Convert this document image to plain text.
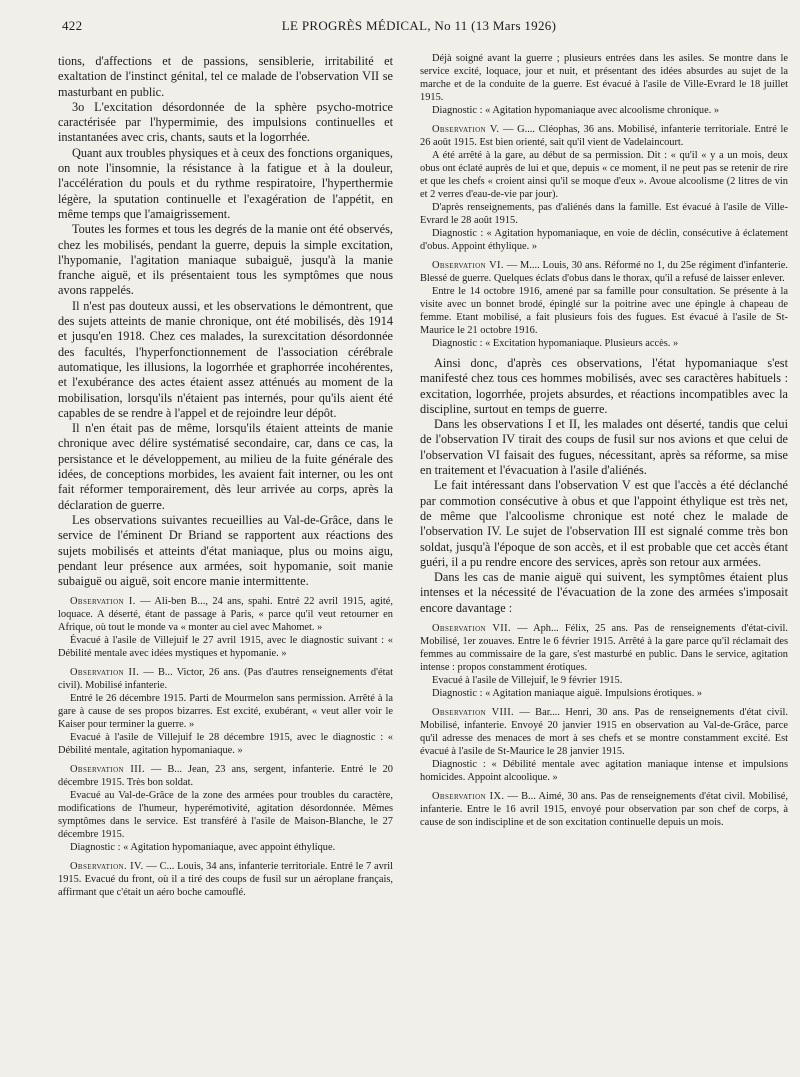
422	LE PROGRÈS MÉDICAL, No 11 (13 Mars 1926)

tions, d'affections et de passions, sensiblerie, irritabilité et exaltation de l'instinct génital, tel ce malade de l'observation VII se masturbant en public.

3o L'excitation désordonnée de la sphère psycho-motrice caractérisée par l'hypermimie, des impulsions continuelles et instantanées avec cris, chants, sauts et la logorrhée.

Quant aux troubles physiques et à ceux des fonctions organiques, on note l'insomnie, la résistance à la fatigue et à la douleur, l'accélération du pouls et du rythme respiratoire, l'hyperthermie légère, la sputation continuelle et l'exagération de l'appétit, en même temps que l'amaigrissement.

Toutes les formes et tous les degrés de la manie ont été observés, chez les mobilisés, pendant la guerre, depuis la simple excitation, l'hypomanie, l'agitation maniaque subaiguë, jusqu'à la manie franche aiguë, et ils présentaient tous les symptômes que nous avons rappelés.

Il n'est pas douteux aussi, et les observations le démontrent, que des sujets atteints de manie chronique, ont été mobilisés, dès 1914 et jusqu'en 1918. Chez ces malades, la surexcitation désordonnée des facultés, l'hyperfonctionnement de l'association cérébrale automatique, les illusions, la logorrhée et graphorrée incohérentes, et l'exubérance des actes étaient assez atténués au moment de la mobilisation, lorsqu'ils n'étaient pas internés, pour qu'ils aient été capables de se rendre à l'appel et de rejoindre leur dépôt.

Il n'en était pas de même, lorsqu'ils étaient atteints de manie chronique avec délire systématisé secondaire, car, dans ce cas, la persistance et le développement, au milieu de la fuite générale des idées, de conceptions morbides, les avaient fait interner, ou les ont fait réformer temporairement, dès leur arrivée au corps, après la déclaration de guerre.

Les observations suivantes recueillies au Val-de-Grâce, dans le service de l'éminent Dr Briand se rapportent aux réactions des sujets mobilisés et atteints d'état maniaque, plus ou moins aigu, pendant leur présence aux armées, soit hypomanie, soit manie subaiguë ou aiguë, soit encore manie intermittente.

Observation I. — Ali-ben B..., 24 ans, spahi. Entré 22 avril 1915, agité, loquace. A déserté, étant de passage à Paris, « parce qu'il veut retourner en Afrique, où tout le monde va « monter au ciel avec Mahomet. »

Évacué à l'asile de Villejuif le 27 avril 1915, avec le diagnostic suivant : « Débilité mentale avec idées mystiques et hypomanie. »

Observation II. — B... Victor, 26 ans. (Pas d'autres renseignements d'état civil). Mobilisé infanterie.

Entré le 26 décembre 1915. Parti de Mourmelon sans permission. Arrêté à la gare à cause de ses propos bizarres. Est excité, exubérant, « veut aller voir le Kaiser pour terminer la guerre. »

Evacué à l'asile de Villejuif le 28 décembre 1915, avec le diagnostic : « Débilité mentale, agitation hypomaniaque. »

Observation III. — B... Jean, 23 ans, sergent, infanterie. Entré le 20 décembre 1915. Très bon soldat.

Evacué au Val-de-Grâce de la zone des armées pour troubles du caractère, modifications de l'humeur, hyperémotivité, agitation désordonnée. Mêmes symptômes dans le service. Est transféré à l'asile de Maison-Blanche, le 27 décembre 1915.

Diagnostic : « Agitation hypomaniaque, avec appoint éthylique.

Observation. IV. — C... Louis, 34 ans, infanterie territoriale. Entré le 7 avril 1915. Evacué du front, où il a tiré des coups de fusil sur un aéroplane français, affirmant que c'était un aéro boche camouflé.

Déjà soigné avant la guerre ; plusieurs entrées dans les asiles. Se montre dans le service excité, loquace, jour et nuit, et présentant des idées absurdes au sujet de la marche et de la conduite de la guerre. Est évacué à l'asile de Ville-Evrard le 18 juillet 1915.

Diagnostic : « Agitation hypomaniaque avec alcoolisme chronique. »

Observation V. — G.... Cléophas, 36 ans. Mobilisé, infanterie territoriale. Entré le 26 août 1915. Est bien orienté, sait qu'il vient de Vadelaincourt.

A été arrêté à la gare, au début de sa permission. Dit : « qu'il « y a un mois, deux obus ont éclaté auprès de lui et que, depuis « ce moment, il ne peut pas se retenir de rire et que les chefs « croient ainsi qu'il se moque d'eux ». Avoue alcoolisme (2 litres de vin et 2 verres d'eau-de-vie par jour).

D'après renseignements, pas d'aliénés dans la famille. Est évacué à l'asile de Ville-Evrard le 28 août 1915.

Diagnostic : « Agitation hypomaniaque, en voie de déclin, consécutive à éclatement d'obus. Appoint éthylique. »

Observation VI. — M.... Louis, 30 ans. Réformé no 1, du 25e régiment d'infanterie. Blessé de guerre. Quelques éclats d'obus dans le thorax, qu'il a refusé de laisser enlever.

Entre le 14 octobre 1916, amené par sa famille pour consultation. Se présente à la visite avec un bonnet brodé, épinglé sur la poitrine avec une épingle à chapeau de femme. Etant mobilisé, a fait plusieurs fois des fugues. Est évacué à l'asile de St-Maurice le 21 octobre 1916.

Diagnostic : « Excitation hypomaniaque. Plusieurs accès. »

Ainsi donc, d'après ces observations, l'état hypomaniaque s'est manifesté chez tous ces hommes mobilisés, avec ses caractères habituels : excitation, logorrhée, projets absurdes, et réactions incompatibles avec la discipline, surtout en temps de guerre.

Dans les observations I et II, les malades ont déserté, tandis que celui de l'observation IV tirait des coups de fusil sur nos avions et que celui de l'observation VI faisait des fugues, nécessitant, après sa réforme, sa mise en traitement et l'évacuation à l'asile d'aliénés.

Le fait intéressant dans l'observation V est que l'accès a été déclanché par commotion consécutive à obus et que l'appoint éthylique est très net, de même que l'alcoolisme chronique est noté chez le malade de l'observation IV. Le sujet de l'observation III est signalé comme très bon soldat, jusqu'à l'époque de son accès, et il est probable que cet accès étant guéri, il a pu rendre encore des services, après son retour aux armées.

Dans les cas de manie aiguë qui suivent, les symptômes étaient plus intenses et la nécessité de l'évacuation de la zone des armées s'imposait encore davantage :

Observation VII. — Aph... Félix, 25 ans. Pas de renseignements d'état-civil. Mobilisé, 1er zouaves. Entre le 6 février 1915. Arrêté à la gare parce qu'il réclamait des femmes au commissaire de la gare, s'est masturbé en public. Dans le service, agitation intense : propos constamment érotiques.

Evacué à l'asile de Villejuif, le 9 février 1915.

Diagnostic : « Agitation maniaque aiguë. Impulsions érotiques. »

Observation VIII. — Bar.... Henri, 30 ans. Pas de renseignements d'état civil. Mobilisé, infanterie. Envoyé 20 janvier 1915 en observation au Val-de-Grâce, parce qu'il adresse des menaces de mort à ses chefs et se montre constamment excité. Est évacué à l'asile de St-Maurice le 28 janvier 1915.

Diagnostic : « Débilité mentale avec agitation maniaque intense et impulsions homicides. Appoint alcoolique. »

Observation IX. — B... Aimé, 30 ans. Pas de renseignements d'état civil. Mobilisé, infanterie. Entre le 16 avril 1915, envoyé pour observation par son chef de corps, à cause de son indiscipline et de son excitation continuelle depuis un mois.
